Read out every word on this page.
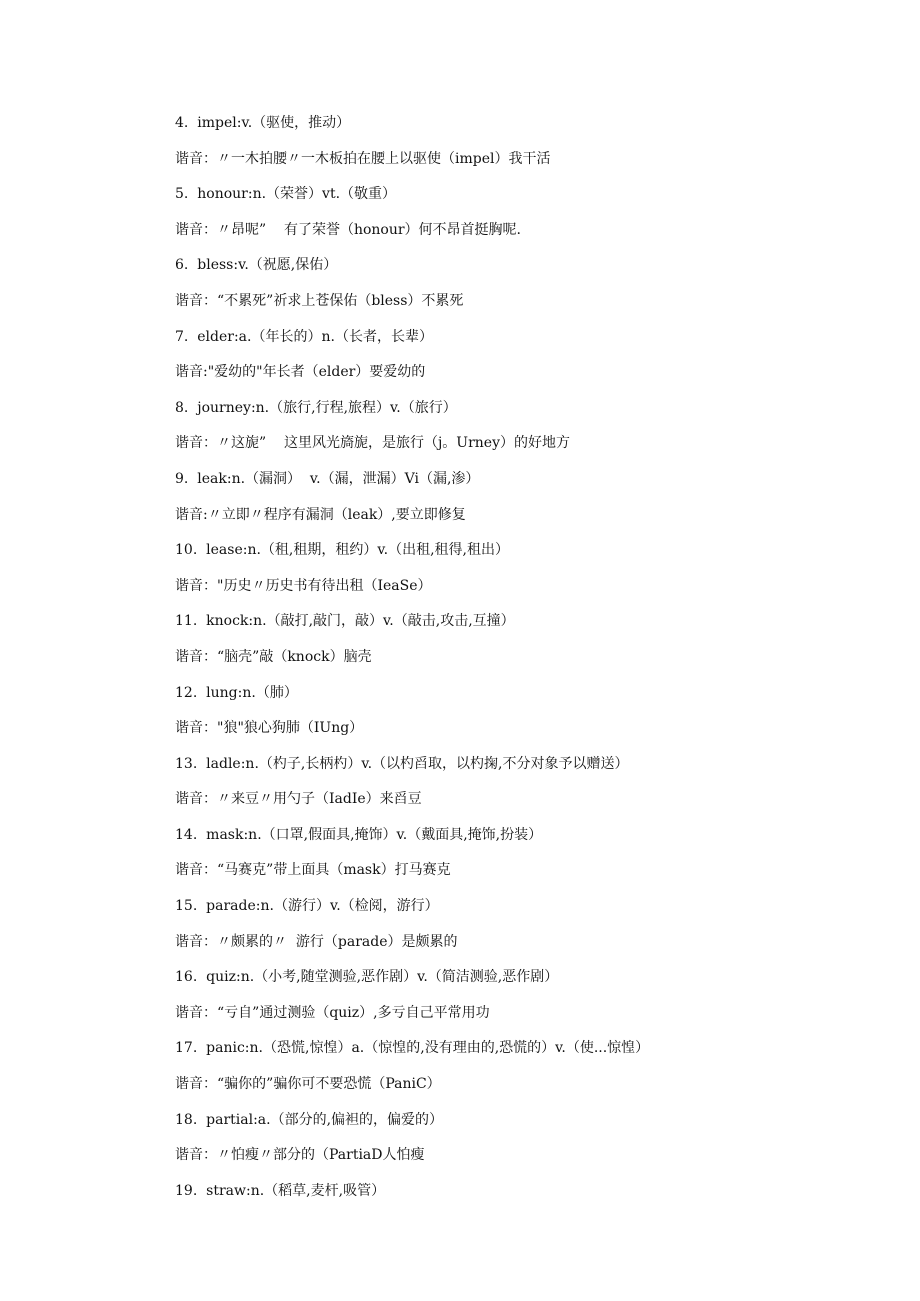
4.  impel:v.（驱使，推动）
谐音：〃一木拍腰〃一木板拍在腰上以驱使（impel）我干活
5.  honour:n.（荣誉）vt.（敬重）
谐音：〃昂呢”    有了荣誉（honour）何不昂首挺胸呢.
6.  bless:v.（祝愿,保佑）
谐音：“不累死”祈求上苍保佑（bless）不累死
7.  elder:a.（年长的）n.（长者，长辈）
谐音:"爱幼的"年长者（elder）要爱幼的
8.  journey:n.（旅行,行程,旅程）v.（旅行）
谐音：〃这旎”    这里风光旖旎，是旅行（j。Urney）的好地方
9.  leak:n.（漏洞）  v.（漏，泄漏）Vi（漏,渗）
谐音:〃立即〃程序有漏洞（leak）,要立即修复
10.  lease:n.（租,租期，租约）v.（出租,租得,租出）
谐音："历史〃历史书有待出租（IeaSe）
11.  knock:n.（敲打,敲门，敲）v.（敲击,攻击,互撞）
谐音：“脑壳”敲（knock）脑壳
12.  lung:n.（肺）
谐音："狼"狼心狗肺（IUng）
13.  ladle:n.（杓子,长柄杓）v.（以杓舀取，以杓掬,不分对象予以赠送）
谐音：〃来豆〃用勺子（IadIe）来舀豆
14.  mask:n.（口罩,假面具,掩饰）v.（戴面具,掩饰,扮装）
谐音：“马赛克”带上面具（mask）打马赛克
15.  parade:n.（游行）v.（检阅，游行）
谐音：〃颇累的〃  游行（parade）是颇累的
16.  quiz:n.（小考,随堂测验,恶作剧）v.（简洁测验,恶作剧）
谐音：“亏自”通过测验（quiz）,多亏自己平常用功
17.  panic:n.（恐慌,惊惶）a.（惊惶的,没有理由的,恐慌的）v.（使...惊惶）
谐音：“骗你的”骗你可不要恐慌（PaniC）
18.  partial:a.（部分的,偏袒的，偏爱的）
谐音：〃怕瘦〃部分的（PartiaD人怕瘦
19.  straw:n.（稻草,麦杆,吸管）
